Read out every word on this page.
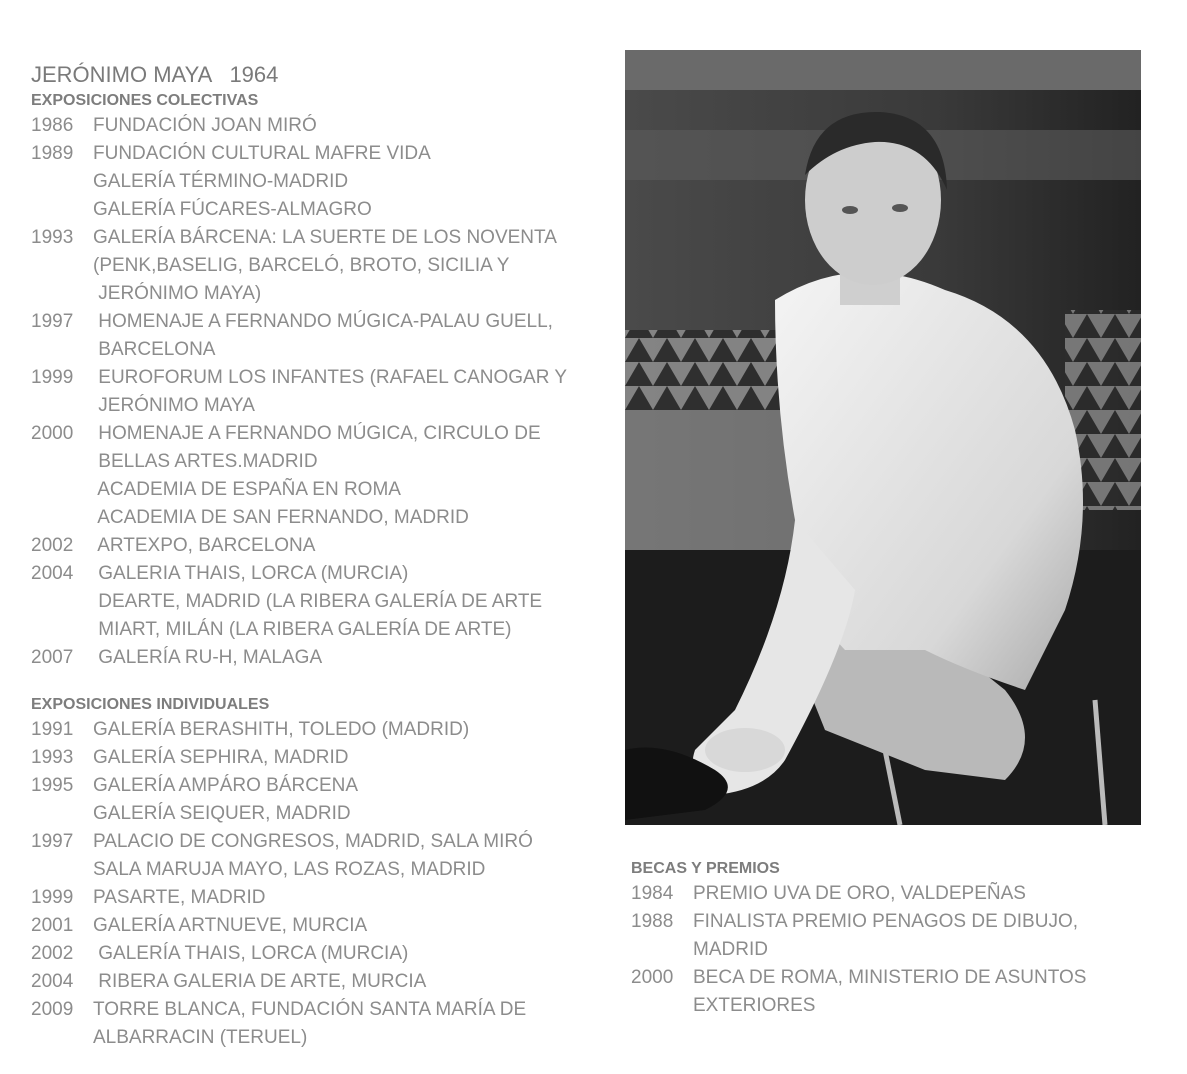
JERÓNIMO MAYA 1964
EXPOSICIONES COLECTIVAS
1986	FUNDACIÓN JOAN MIRÓ
1989	FUNDACIÓN CULTURAL MAFRE VIDA
GALERÍA TÉRMINO-MADRID
GALERÍA FÚCARES-ALMAGRO
1993	GALERÍA BÁRCENA: LA SUERTE DE LOS NOVENTA
(PENK,BASELIG, BARCELÓ, BROTO, SICILIA Y
JERÓNIMO MAYA)
1997	HOMENAJE A FERNANDO MÚGICA-PALAU GUELL,
BARCELONA
1999	EUROFORUM LOS INFANTES (RAFAEL CANOGAR Y
JERÓNIMO MAYA
2000	HOMENAJE A FERNANDO MÚGICA, CIRCULO DE
BELLAS ARTES.MADRID
ACADEMIA DE ESPAÑA EN ROMA
ACADEMIA DE SAN FERNANDO, MADRID
2002	ARTEXPO, BARCELONA
2004	GALERIA THAIS, LORCA (MURCIA)
DEARTE, MADRID (LA RIBERA GALERÍA DE ARTE
MIART, MILÁN (LA RIBERA GALERÍA DE ARTE)
2007	GALERÍA RU-H, MALAGA
EXPOSICIONES INDIVIDUALES
1991	GALERÍA BERASHITH, TOLEDO (MADRID)
1993	GALERÍA SEPHIRA, MADRID
1995	GALERÍA AMPÁRO BÁRCENA
GALERÍA SEIQUER, MADRID
1997	PALACIO DE CONGRESOS, MADRID, SALA MIRÓ
SALA MARUJA MAYO, LAS ROZAS, MADRID
1999	PASARTE, MADRID
2001	GALERÍA ARTNUEVE, MURCIA
2002	GALERÍA THAIS, LORCA (MURCIA)
2004	RIBERA GALERIA DE ARTE, MURCIA
2009	TORRE BLANCA, FUNDACIÓN SANTA MARÍA DE
ALBARRACIN (TERUEL)
BECAS Y PREMIOS
1984	PREMIO UVA DE ORO, VALDEPEÑAS
1988	FINALISTA PREMIO PENAGOS DE DIBUJO,
MADRID
2000	BECA DE ROMA, MINISTERIO DE ASUNTOS
EXTERIORES
